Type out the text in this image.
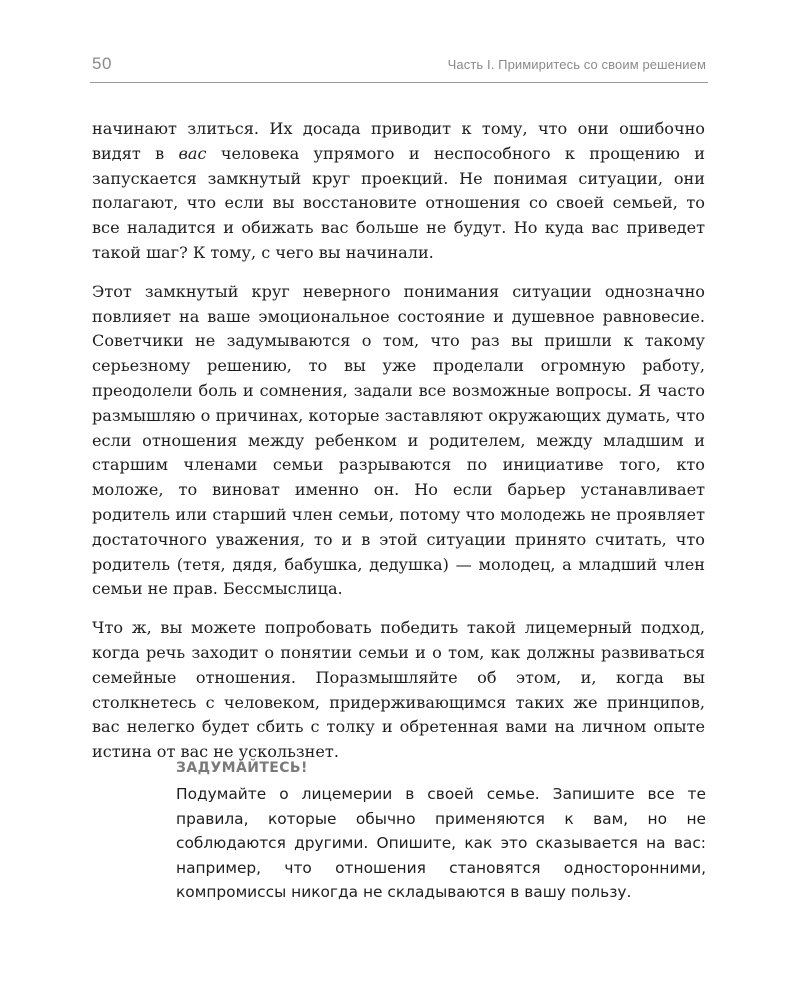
50	Часть I. Примиритесь со своим решением

начинают злиться. Их досада приводит к тому, что они ошибочно видят в вас человека упрямого и неспособного к прощению и запускается замкнутый круг проекций. Не понимая ситуации, они полагают, что если вы восстановите отношения со своей семьей, то все наладится и обижать вас больше не будут. Но куда вас приведет такой шаг? К тому, с чего вы начинали.

Этот замкнутый круг неверного понимания ситуации однозначно повлияет на ваше эмоциональное состояние и душевное равновесие. Советчики не задумываются о том, что раз вы пришли к такому серьезному решению, то вы уже проделали огромную работу, преодолели боль и сомнения, задали все возможные вопросы. Я часто размышляю о причинах, которые заставляют окружающих думать, что если отношения между ребенком и родителем, между младшим и старшим членами семьи разрываются по инициативе того, кто моложе, то виноват именно он. Но если барьер устанавливает родитель или старший член семьи, потому что молодежь не проявляет достаточного уважения, то и в этой ситуации принято считать, что родитель (тетя, дядя, бабушка, дедушка) — молодец, а младший член семьи не прав. Бессмыслица.

Что ж, вы можете попробовать победить такой лицемерный подход, когда речь заходит о понятии семьи и о том, как должны развиваться семейные отношения. Поразмышляйте об этом, и, когда вы столкнетесь с человеком, придерживающимся таких же принципов, вас нелегко будет сбить с толку и обретенная вами на личном опыте истина от вас не ускользнет.

ЗАДУМАЙТЕСЬ!

Подумайте о лицемерии в своей семье. Запишите все те правила, которые обычно применяются к вам, но не соблюдаются другими. Опишите, как это сказывается на вас: например, что отношения становятся односторонними, компромиссы никогда не складываются в вашу пользу.
